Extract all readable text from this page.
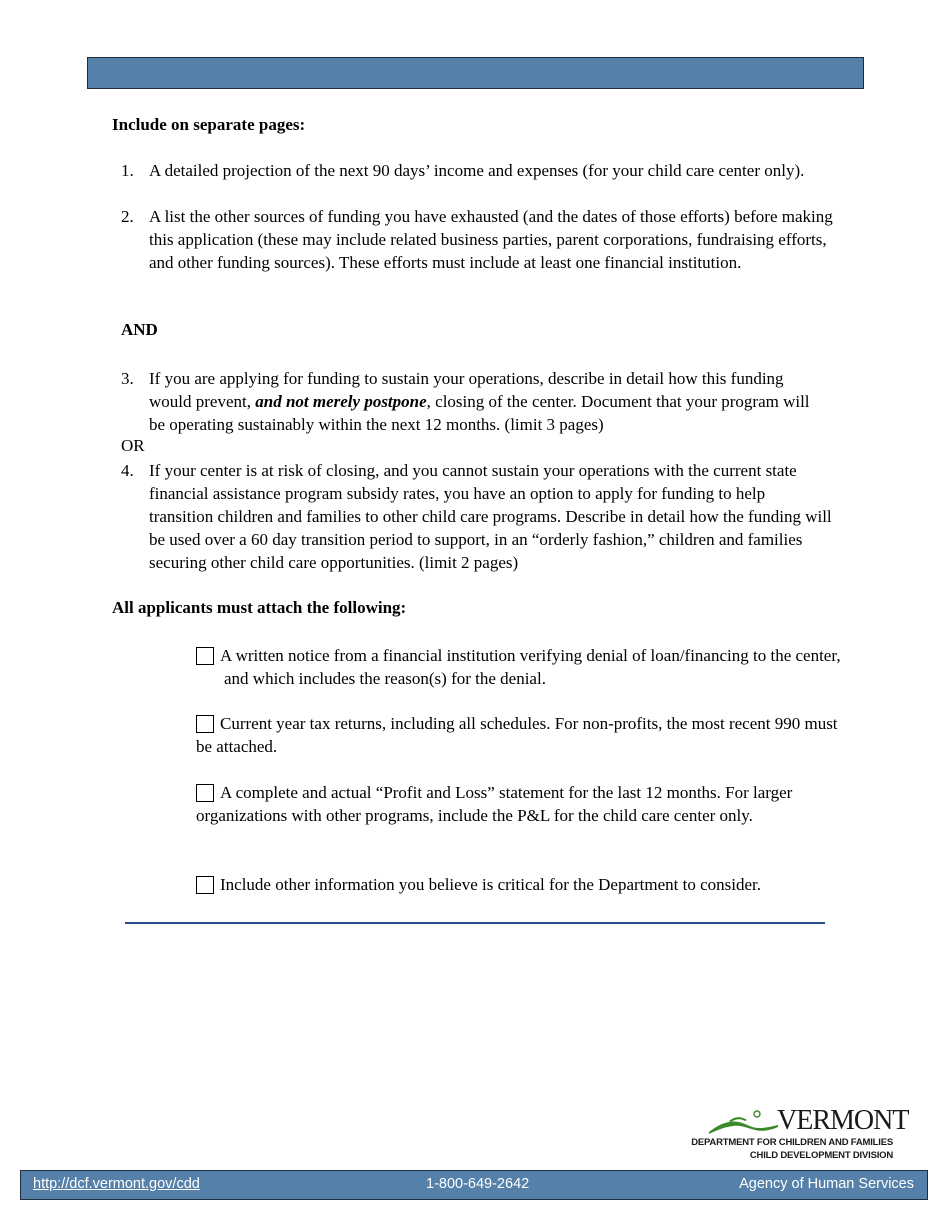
Include on separate pages:
1. A detailed projection of the next 90 days’ income and expenses (for your child care center only).
2. A list the other sources of funding you have exhausted (and the dates of those efforts) before making this application (these may include related business parties, parent corporations, fundraising efforts, and other funding sources). These efforts must include at least one financial institution.
AND
3. If you are applying for funding to sustain your operations, describe in detail how this funding would prevent, and not merely postpone, closing of the center. Document that your program will be operating sustainably within the next 12 months. (limit 3 pages)
OR
4. If your center is at risk of closing, and you cannot sustain your operations with the current state financial assistance program subsidy rates, you have an option to apply for funding to help transition children and families to other child care programs. Describe in detail how the funding will be used over a 60 day transition period to support, in an “orderly fashion,” children and families securing other child care opportunities. (limit 2 pages)
All applicants must attach the following:
A written notice from a financial institution verifying denial of loan/financing to the center, and which includes the reason(s) for the denial.
Current year tax returns, including all schedules. For non-profits, the most recent 990 must be attached.
A complete and actual “Profit and Loss” statement for the last 12 months. For larger organizations with other programs, include the P&L for the child care center only.
Include other information you believe is critical for the Department to consider.
VERMONT
DEPARTMENT FOR CHILDREN AND FAMILIES
CHILD DEVELOPMENT DIVISION
http://dcf.vermont.gov/cdd	1-800-649-2642	Agency of Human Services
